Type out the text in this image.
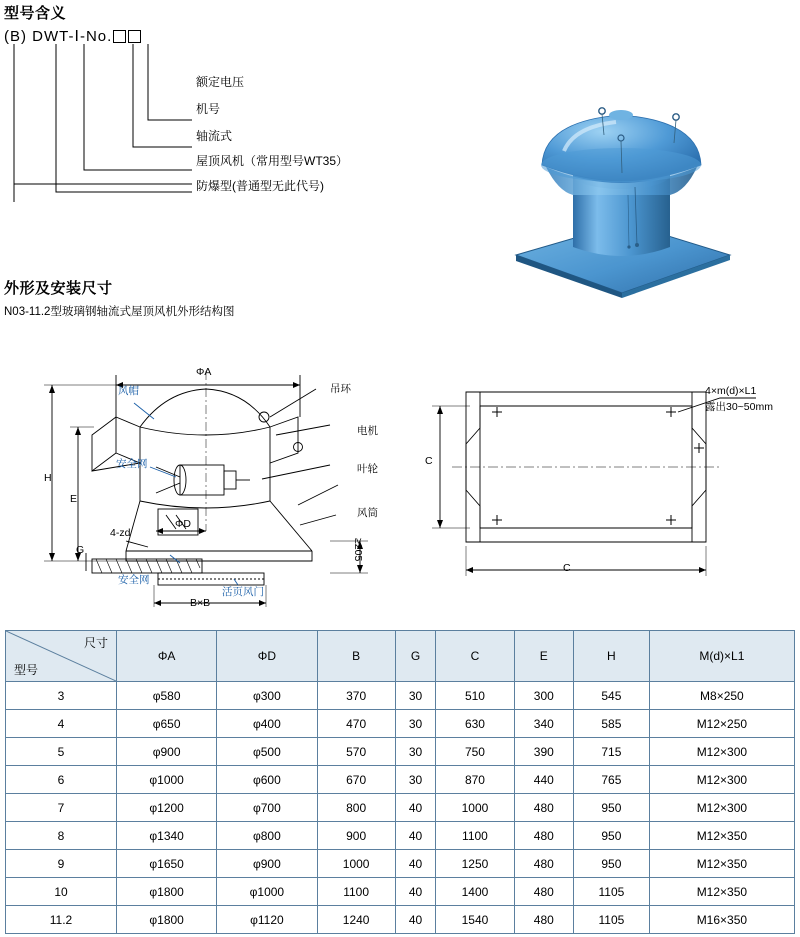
型号含义
(B) DWT-Ⅰ-No.
额定电压
机号
轴流式
屋顶风机（常用型号WT35）
防爆型(普通型无此代号)
外形及安装尺寸
N03-11.2型玻璃钢轴流式屋顶风机外形结构图
ΦA
风帽	吊环
电机
叶轮
安全网
风筒
H
E
ΦD
4-zd
G
安全网
活页风门
B×B
≥205
C
C
4×m(d)×L1
露出30~50mm
尺寸
型号	ΦA	ΦD	B	G	C	E	H	M(d)×L1
3	φ580	φ300	370	30	510	300	545	M8×250
4	φ650	φ400	470	30	630	340	585	M12×250
5	φ900	φ500	570	30	750	390	715	M12×300
6	φ1000	φ600	670	30	870	440	765	M12×300
7	φ1200	φ700	800	40	1000	480	950	M12×300
8	φ1340	φ800	900	40	1100	480	950	M12×350
9	φ1650	φ900	1000	40	1250	480	950	M12×350
10	φ1800	φ1000	1100	40	1400	480	1105	M12×350
11.2	φ1800	φ1120	1240	40	1540	480	1105	M16×350
